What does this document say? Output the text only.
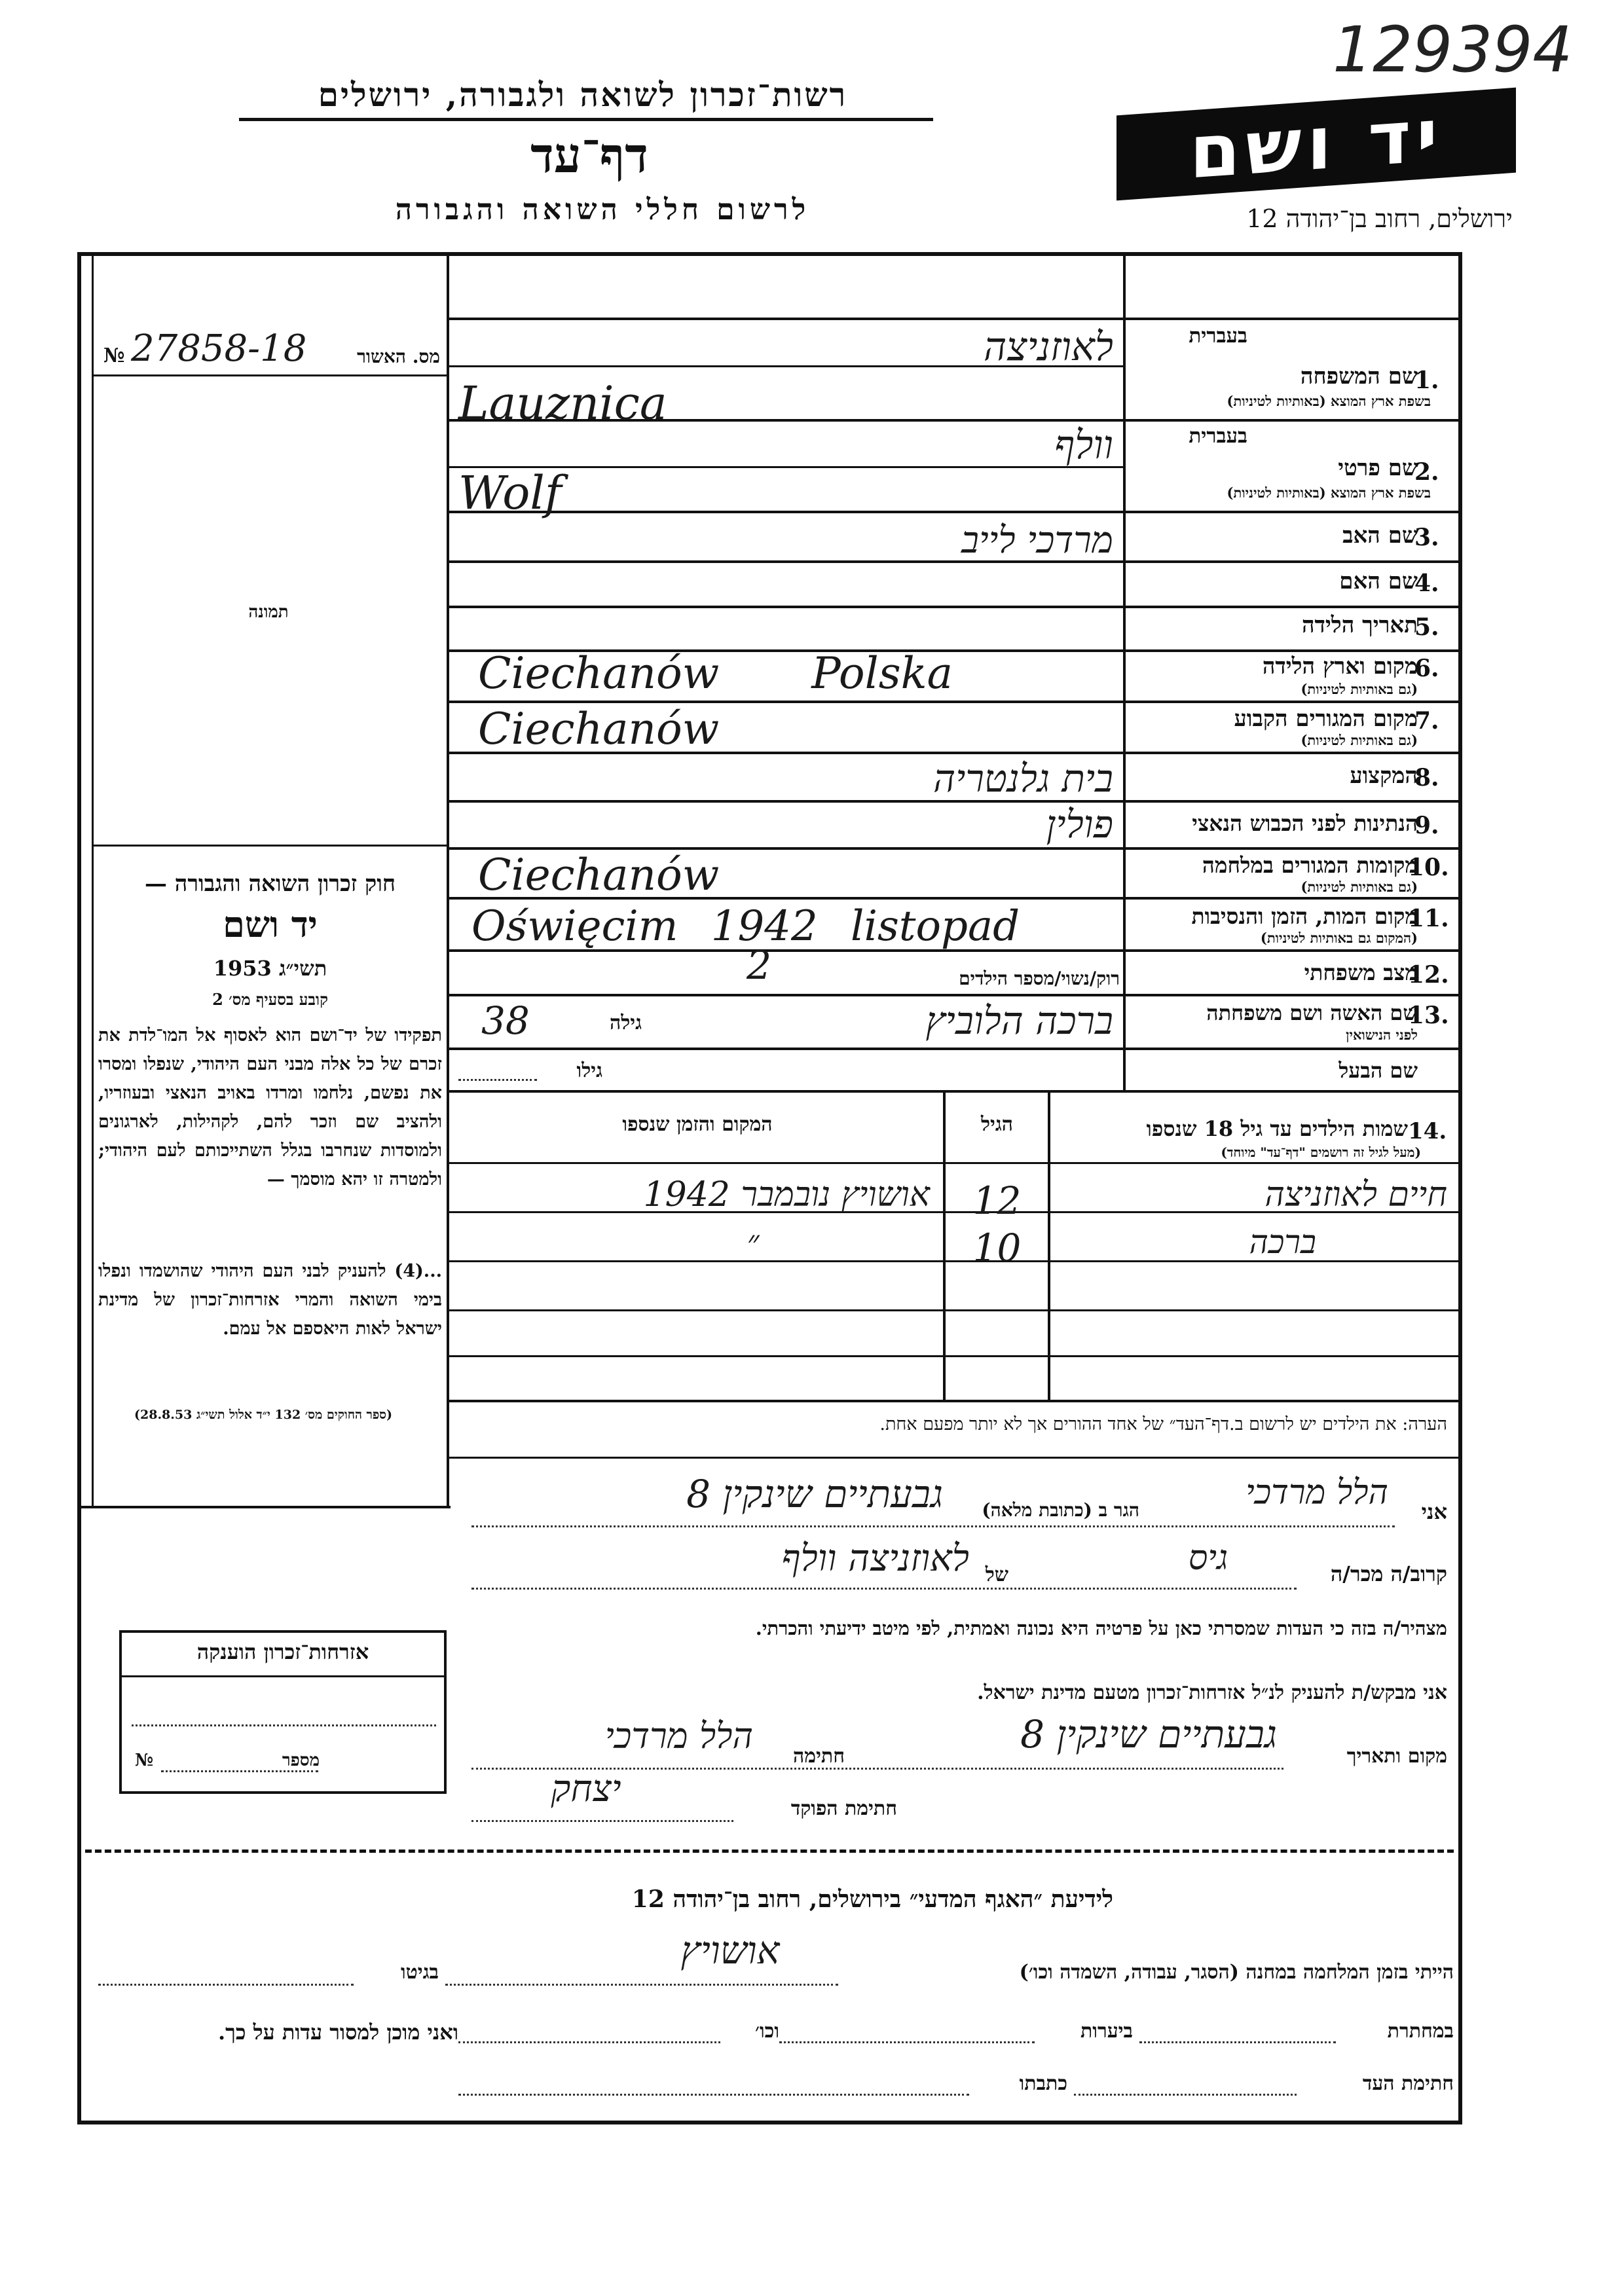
129394
רשות־זכרון לשואה ולגבורה, ירושלים
דף־עד
לרשום חללי השואה והגבורה
יד ושם
ירושלים, רחוב בן־יהודה 12
№ 27858-18	מס. האשור
תמונה
חוק זכרון השואה והגבורה —
יד ושם
תשי״ג 1953
קובע בסעיף מס׳ 2
תפקידו של יד־ושם הוא לאסוף אל המו־לדת את זכרם של כל אלה מבני העם היהודי, שנפלו ומסרו את נפשם, נלחמו ומרדו באויב הנאצי ובעוזריו, ולהציב שם וזכר להם, לקהילות, לארגונים ולמוסדות שנחרבו בגלל השתייכותם לעם היהודי; ולמטרה זו יהא מוסמך —
...(4) להעניק לבני העם היהודי שהושמדו ונפלו בימי השואה והמרי אזרחות־זכרון של מדינת ישראל לאות היאספם אל עמם.
(ספר החוקים מס׳ 132 י״ד אלול תשי״ג 28.8.53)
בעברית
1.
שם המשפחה
בשפת ארץ המוצא (באותיות לטיניות)
לאוזניצה
Lauznica
בעברית
2.
שם פרטי
בשפת ארץ המוצא (באותיות לטיניות)
וולף
Wolf
שם האב
3.
מרדכי לייב
שם האם
4.
תאריך הלידה
5.
מקום וארץ הלידה
6.
(גם באותיות לטיניות)
Ciechanów Polska
מקום המגורים הקבוע
7.
(גם באותיות לטיניות)
Ciechanów
המקצוע
8.
בית גלנטריה
הנתינות לפני הכבוש הנאצי
9.
פולין
מקומות המגורים במלחמה
10.
(גם באותיות לטיניות)
Ciechanów
מקום המות, הזמן והנסיבות
11.
(המקום גם באותיות לטיניות)
Oświęcim 1942 listopad
מצב משפחתי
12.
רוק/נשוי/מספר הילדים
2
שם האשה ושם משפחתה
13.
לפני הנישואין
גילה
38	ברכה הלוביץ
שם הבעל
גילו
14.
שמות הילדים עד גיל 18 שנספו
(מעל לגיל זה רושמים "דף־עד" מיוחד)
הגיל
המקום והזמן שנספו
חיים לאוזניצה
12
אושויץ נובמבר 1942
ברכה
10
״
הערה: את הילדים יש לרשום ב.דף־העד״ של אחד ההורים אך לא יותר מפעם אחת.
אני
הלל מרדכי
הגר ב (כתובת מלאה)
גבעתיים שינקין 8
קרוב/ה מכר/ה
גיס
של
לאוזניצה וולף
מצהיר/ה בזה כי העדות שמסרתי כאן על פרטיה היא נכונה ואמתית, לפי מיטב ידיעתי והכרתי.
אזרחות־זכרון הוענקה
מספר
№
אני מבקש/ת להעניק לנ״ל אזרחות־זכרון מטעם מדינת ישראל.
מקום ותאריך
גבעתיים שינקין 8
חתימה
הלל מרדכי
חתימת הפוקד
יצחק
לידיעת ״האגף המדעי״ בירושלים, רחוב בן־יהודה 12
הייתי בזמן המלחמה במחנה (הסגר, עבודה, השמדה וכו׳)
אושויץ
בגיטו
במחתרת
ביערות
וכו׳
ואני מוכן למסור עדות על כך.
חתימת העד
כתבתו
